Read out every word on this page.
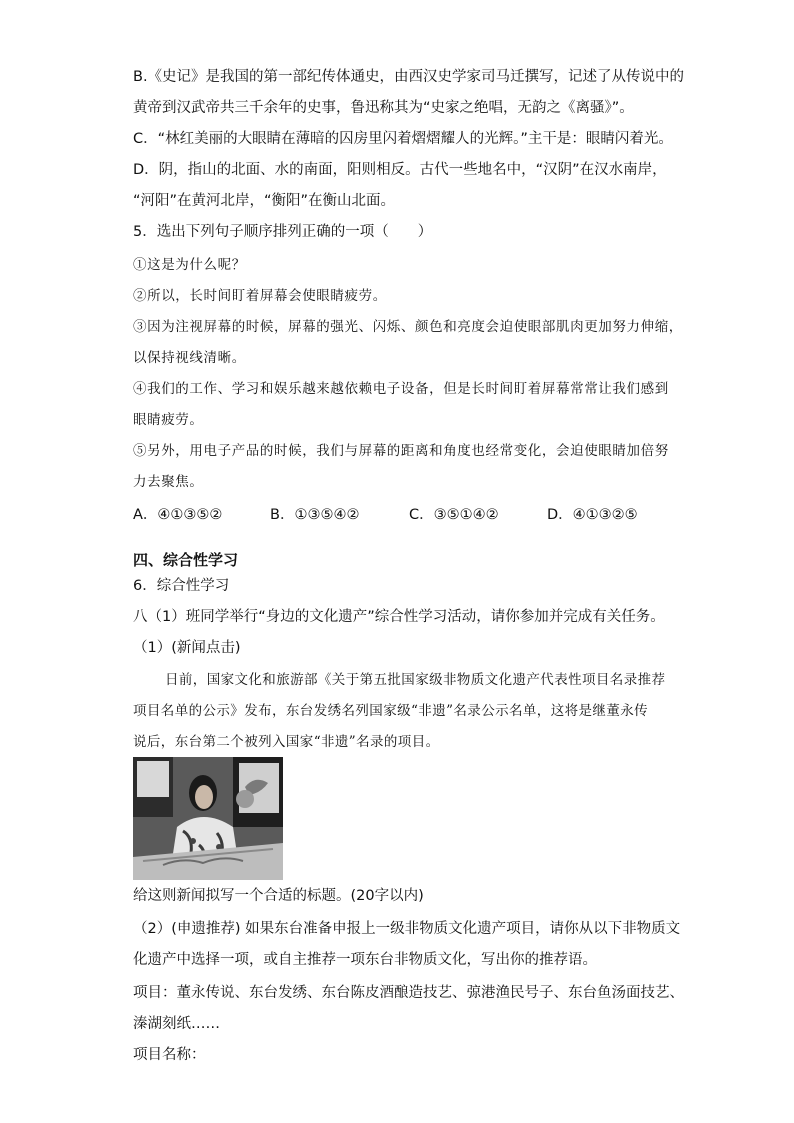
B.《史记》是我国的第一部纪传体通史，由西汉史学家司马迁撰写，记述了从传说中的
黄帝到汉武帝共三千余年的史事，鲁迅称其为“史家之绝唱，无韵之《离骚》”。
C．“林红美丽的大眼睛在薄暗的囚房里闪着熠熠耀人的光辉。”主干是：眼睛闪着光。
D．阴，指山的北面、水的南面，阳则相反。古代一些地名中，“汉阴”在汉水南岸，
“河阳”在黄河北岸，“衡阳”在衡山北面。
5．选出下列句子顺序排列正确的一项（　　）
①这是为什么呢？
②所以，长时间盯着屏幕会使眼睛疲劳。
③因为注视屏幕的时候，屏幕的强光、闪烁、颜色和亮度会迫使眼部肌肉更加努力伸缩，
以保持视线清晰。
④我们的工作、学习和娱乐越来越依赖电子设备，但是长时间盯着屏幕常常让我们感到
眼睛疲劳。
⑤另外，用电子产品的时候，我们与屏幕的距离和角度也经常变化，会迫使眼睛加倍努
力去聚焦。
A．④①③⑤②	B．①③⑤④②	C．③⑤①④②	D．④①③②⑤
四、综合性学习
6．综合性学习
八（1）班同学举行“身边的文化遗产”综合性学习活动，请你参加并完成有关任务。
（1）(新闻点击)
日前，国家文化和旅游部《关于第五批国家级非物质文化遗产代表性项目名录推荐
项目名单的公示》发布，东台发绣名列国家级“非遗”名录公示名单，这将是继董永传
说后，东台第二个被列入国家“非遗”名录的项目。
给这则新闻拟写一个合适的标题。(20字以内)
（2）(申遗推荐) 如果东台准备申报上一级非物质文化遗产项目，请你从以下非物质文
化遗产中选择一项，或自主推荐一项东台非物质文化，写出你的推荐语。
项目：董永传说、东台发绣、东台陈皮酒酿造技艺、弶港渔民号子、东台鱼汤面技艺、
溱湖刻纸……
项目名称：
